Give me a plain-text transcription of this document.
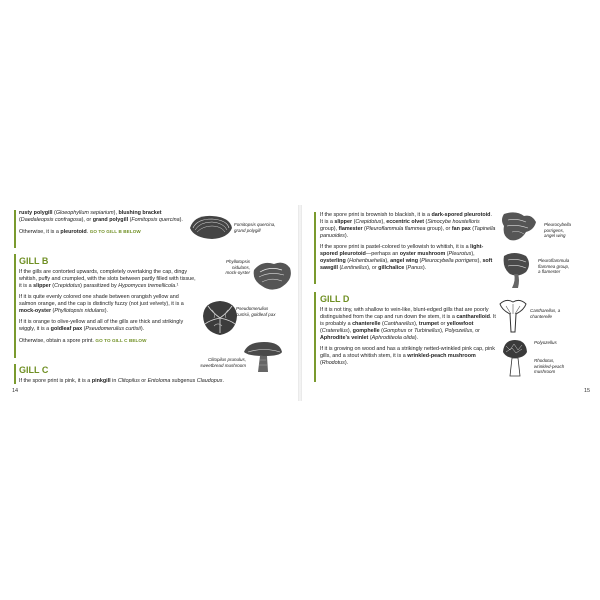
rusty polygill (Gloeophyllum sepiarium), blushing bracket (Daedaleopsis confragosa), or grand polygill (Fomitopsis quercina).

Otherwise, it is a pleurotoid. GO TO GILL B BELOW

GILL B

If the gills are contorted upwards, completely overtaking the cap, dingy whitish, puffy and crumpled, with the slots between partly filled with tissue, it is a slipper (Crepidotus) parasitized by Hypomyces tremellicola.¹

If it is quite evenly colored one shade between orangish yellow and salmon orange, and the cap is distinctly fuzzy (not just velvety), it is a mock-oyster (Phyllotopsis nidulans).

If it is orange to olive-yellow and all of the gills are thick and strikingly wiggly, it is a goldleaf pax (Pseudomerulius curtisii).

Otherwise, obtain a spore print. GO TO GILL C BELOW

GILL C

If the spore print is pink, it is a pinkgill in Clitopilus or Entoloma subgenus Claudopus.

14
Fomitopsis quercina,
grand polygill
Phyllotopsis
nidulans,
mock-oyster
Pseudomerulius
curtisii, goldleaf pax
Clitopilus prunulus,
sweetbread mushroom

If the spore print is brownish to blackish, it is a dark-spored pleurotoid. It is a slipper (Crepidotus), eccentric olvet (Simocybe houstelloris group), flamester (Pleuroflammula flammea group), or fan pax (Tapinella panuoides).

If the spore print is pastel-colored to yellowish to whitish, it is a light-spored pleurotoid—perhaps an oyster mushroom (Pleurotus), oysterling (Hohenbuehelia), angel wing (Pleurocybella porrigens), soft sawgill (Lentinellus), or gillchalice (Panus).

GILL D

If it is not tiny, with shallow to vein-like, blunt-edged gills that are poorly distinguished from the cap and run down the stem, it is a cantharelloid. It is probably a chanterelle (Cantharellus), trumpet or yellowfoot (Craterellus), gomphelle (Gomphus or Turbinellus), Polyozellus, or Aphrodite’s veinlet (Aphroditeola olida).

If it is growing on wood and has a strikingly netted-wrinkled pink cap, pink gills, and a stout whitish stem, it is a wrinkled-peach mushroom (Rhodotus).

15
Pleurocybella
porrigens,
angel wing
Pleuroflammula
flammea group,
a flamester
Cantharellus, a
chanterelle
Polyozellus
Rhodotus,
wrinkled-peach
mushroom
